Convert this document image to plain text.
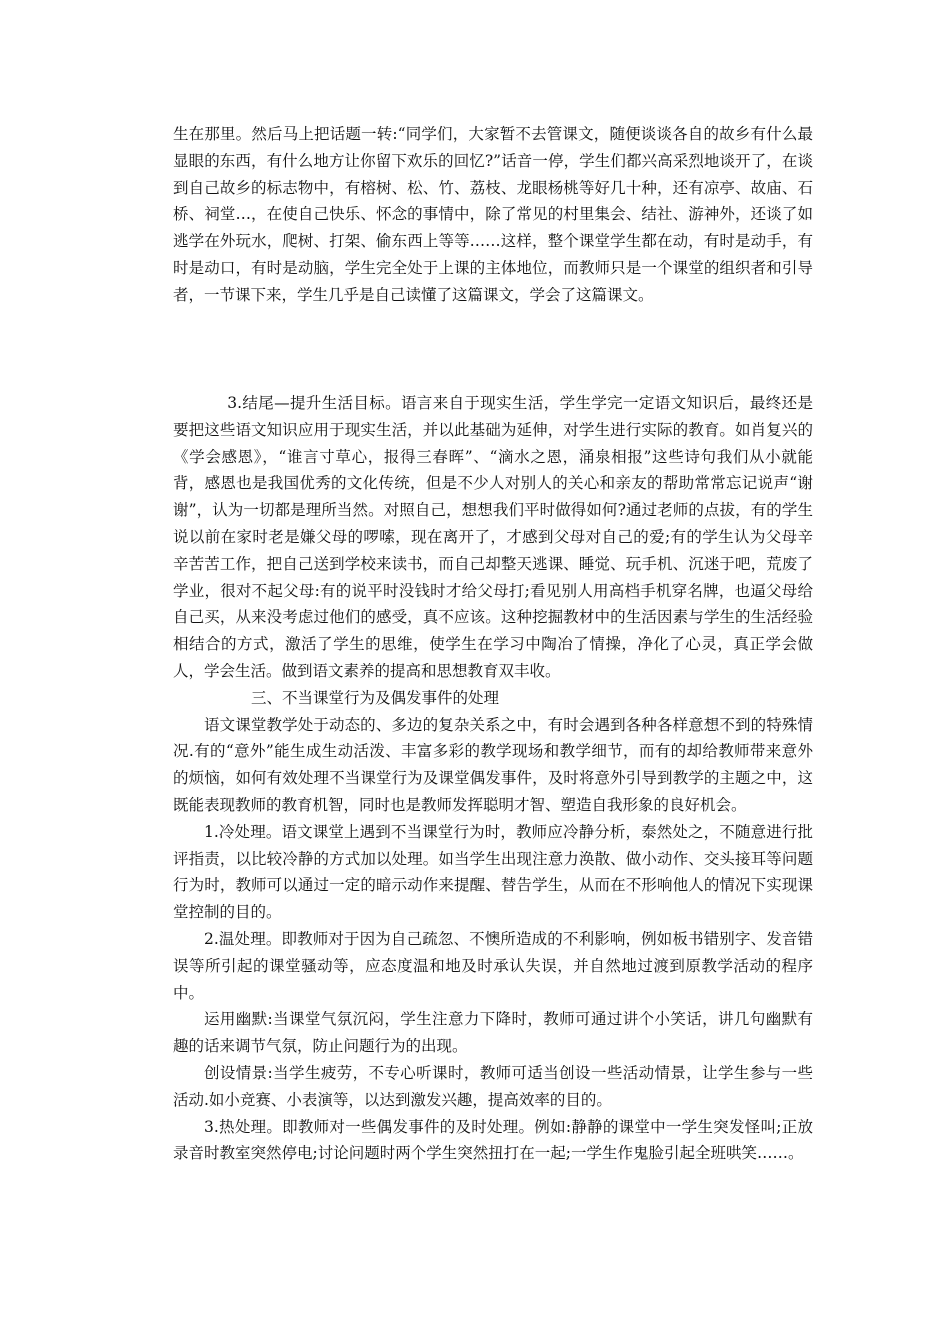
生在那里。然后马上把话题一转:“同学们，大家暂不去管课文，随便谈谈各自的故乡有什么最显眼的东西，有什么地方让你留下欢乐的回忆?”话音一停，学生们都兴高采烈地谈开了，在谈到自己故乡的标志物中，有榕树、松、竹、荔枝、龙眼杨桃等好几十种，还有凉亭、故庙、石桥、祠堂…，在使自己快乐、怀念的事情中，除了常见的村里集会、结社、游神外，还谈了如逃学在外玩水，爬树、打架、偷东西上等等……这样，整个课堂学生都在动，有时是动手，有时是动口，有时是动脑，学生完全处于上课的主体地位，而教师只是一个课堂的组织者和引导者，一节课下来，学生几乎是自己读懂了这篇课文，学会了这篇课文。

3.结尾—提升生活目标。语言来自于现实生活，学生学完一定语文知识后，最终还是要把这些语文知识应用于现实生活，并以此基础为延伸，对学生进行实际的教育。如肖复兴的《学会感恩》，“谁言寸草心，报得三春晖”、“滴水之恩，涌泉相报”这些诗句我们从小就能背，感恩也是我国优秀的文化传统，但是不少人对别人的关心和亲友的帮助常常忘记说声“谢谢”，认为一切都是理所当然。对照自己，想想我们平时做得如何?通过老师的点拔，有的学生说以前在家时老是嫌父母的啰嗦，现在离开了，才感到父母对自己的爱;有的学生认为父母辛辛苦苦工作，把自己送到学校来读书，而自己却整天逃课、睡觉、玩手机、沉迷于吧，荒废了学业，很对不起父母:有的说平时没钱时才给父母打;看见别人用高档手机穿名牌，也逼父母给自己买，从来没考虑过他们的感受，真不应该。这种挖掘教材中的生活因素与学生的生活经验相结合的方式，激活了学生的思维，使学生在学习中陶冶了情操，净化了心灵，真正学会做人，学会生活。做到语文素养的提高和思想教育双丰收。

三、不当课堂行为及偶发事件的处理

语文课堂教学处于动态的、多边的复杂关系之中，有时会遇到各种各样意想不到的特殊情况.有的“意外”能生成生动活泼、丰富多彩的教学现场和教学细节，而有的却给教师带来意外的烦恼，如何有效处理不当课堂行为及课堂偶发事件，及时将意外引导到教学的主题之中，这既能表现教师的教育机智，同时也是教师发挥聪明才智、塑造自我形象的良好机会。

1.冷处理。语文课堂上遇到不当课堂行为时，教师应冷静分析，泰然处之，不随意进行批评指责，以比较冷静的方式加以处理。如当学生出现注意力涣散、做小动作、交头接耳等问题行为时，教师可以通过一定的暗示动作来提醒、替告学生，从而在不形响他人的情况下实现课堂控制的目的。

2.温处理。即教师对于因为自己疏忽、不懊所造成的不利影响，例如板书错别字、发音错误等所引起的课堂骚动等，应态度温和地及时承认失误，并自然地过渡到原教学活动的程序中。

运用幽默:当课堂气氛沉闷，学生注意力下降时，教师可通过讲个小笑话，讲几句幽默有趣的话来调节气氛，防止问题行为的出现。

创设情景:当学生疲劳，不专心听课时，教师可适当创设一些活动情景，让学生参与一些活动.如小竞赛、小表演等，以达到激发兴趣，提高效率的目的。

3.热处理。即教师对一些偶发事件的及时处理。例如:静静的课堂中一学生突发怪叫;正放录音时教室突然停电;讨论问题时两个学生突然扭打在一起;一学生作鬼脸引起全班哄笑……。
